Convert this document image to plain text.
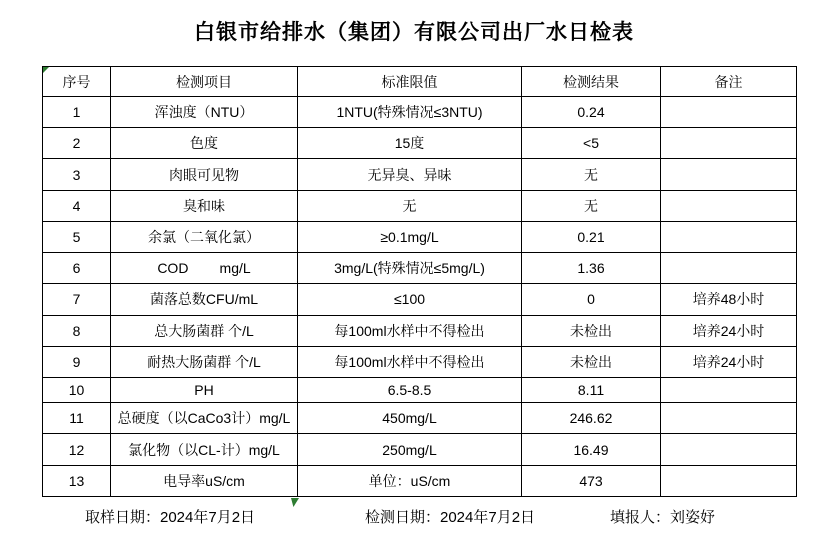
白银市给排水（集团）有限公司出厂水日检表
序号	检测项目	标准限值	检测结果	备注
1	浑浊度（NTU）	1NTU(特殊情况≤3NTU)	0.24	
2	色度	15度	<5	
3	肉眼可见物	无异臭、异味	无	
4	臭和味	无	无	
5	余氯（二氧化氯）	≥0.1mg/L	0.21	
6	COD        mg/L	3mg/L(特殊情况≤5mg/L)	1.36	
7	菌落总数CFU/mL	≤100	0	培养48小时
8	总大肠菌群 个/L	每100ml水样中不得检出	未检出	培养24小时
9	耐热大肠菌群 个/L	每100ml水样中不得检出	未检出	培养24小时
10	PH	6.5-8.5	8.11	
11	总硬度（以CaCo3计）mg/L	450mg/L	246.62	
12	氯化物（以CL-计）mg/L	250mg/L	16.49	
13	电导率uS/cm	单位：uS/cm	473	
取样日期：2024年7月2日	检测日期：2024年7月2日	填报人：刘姿妤
